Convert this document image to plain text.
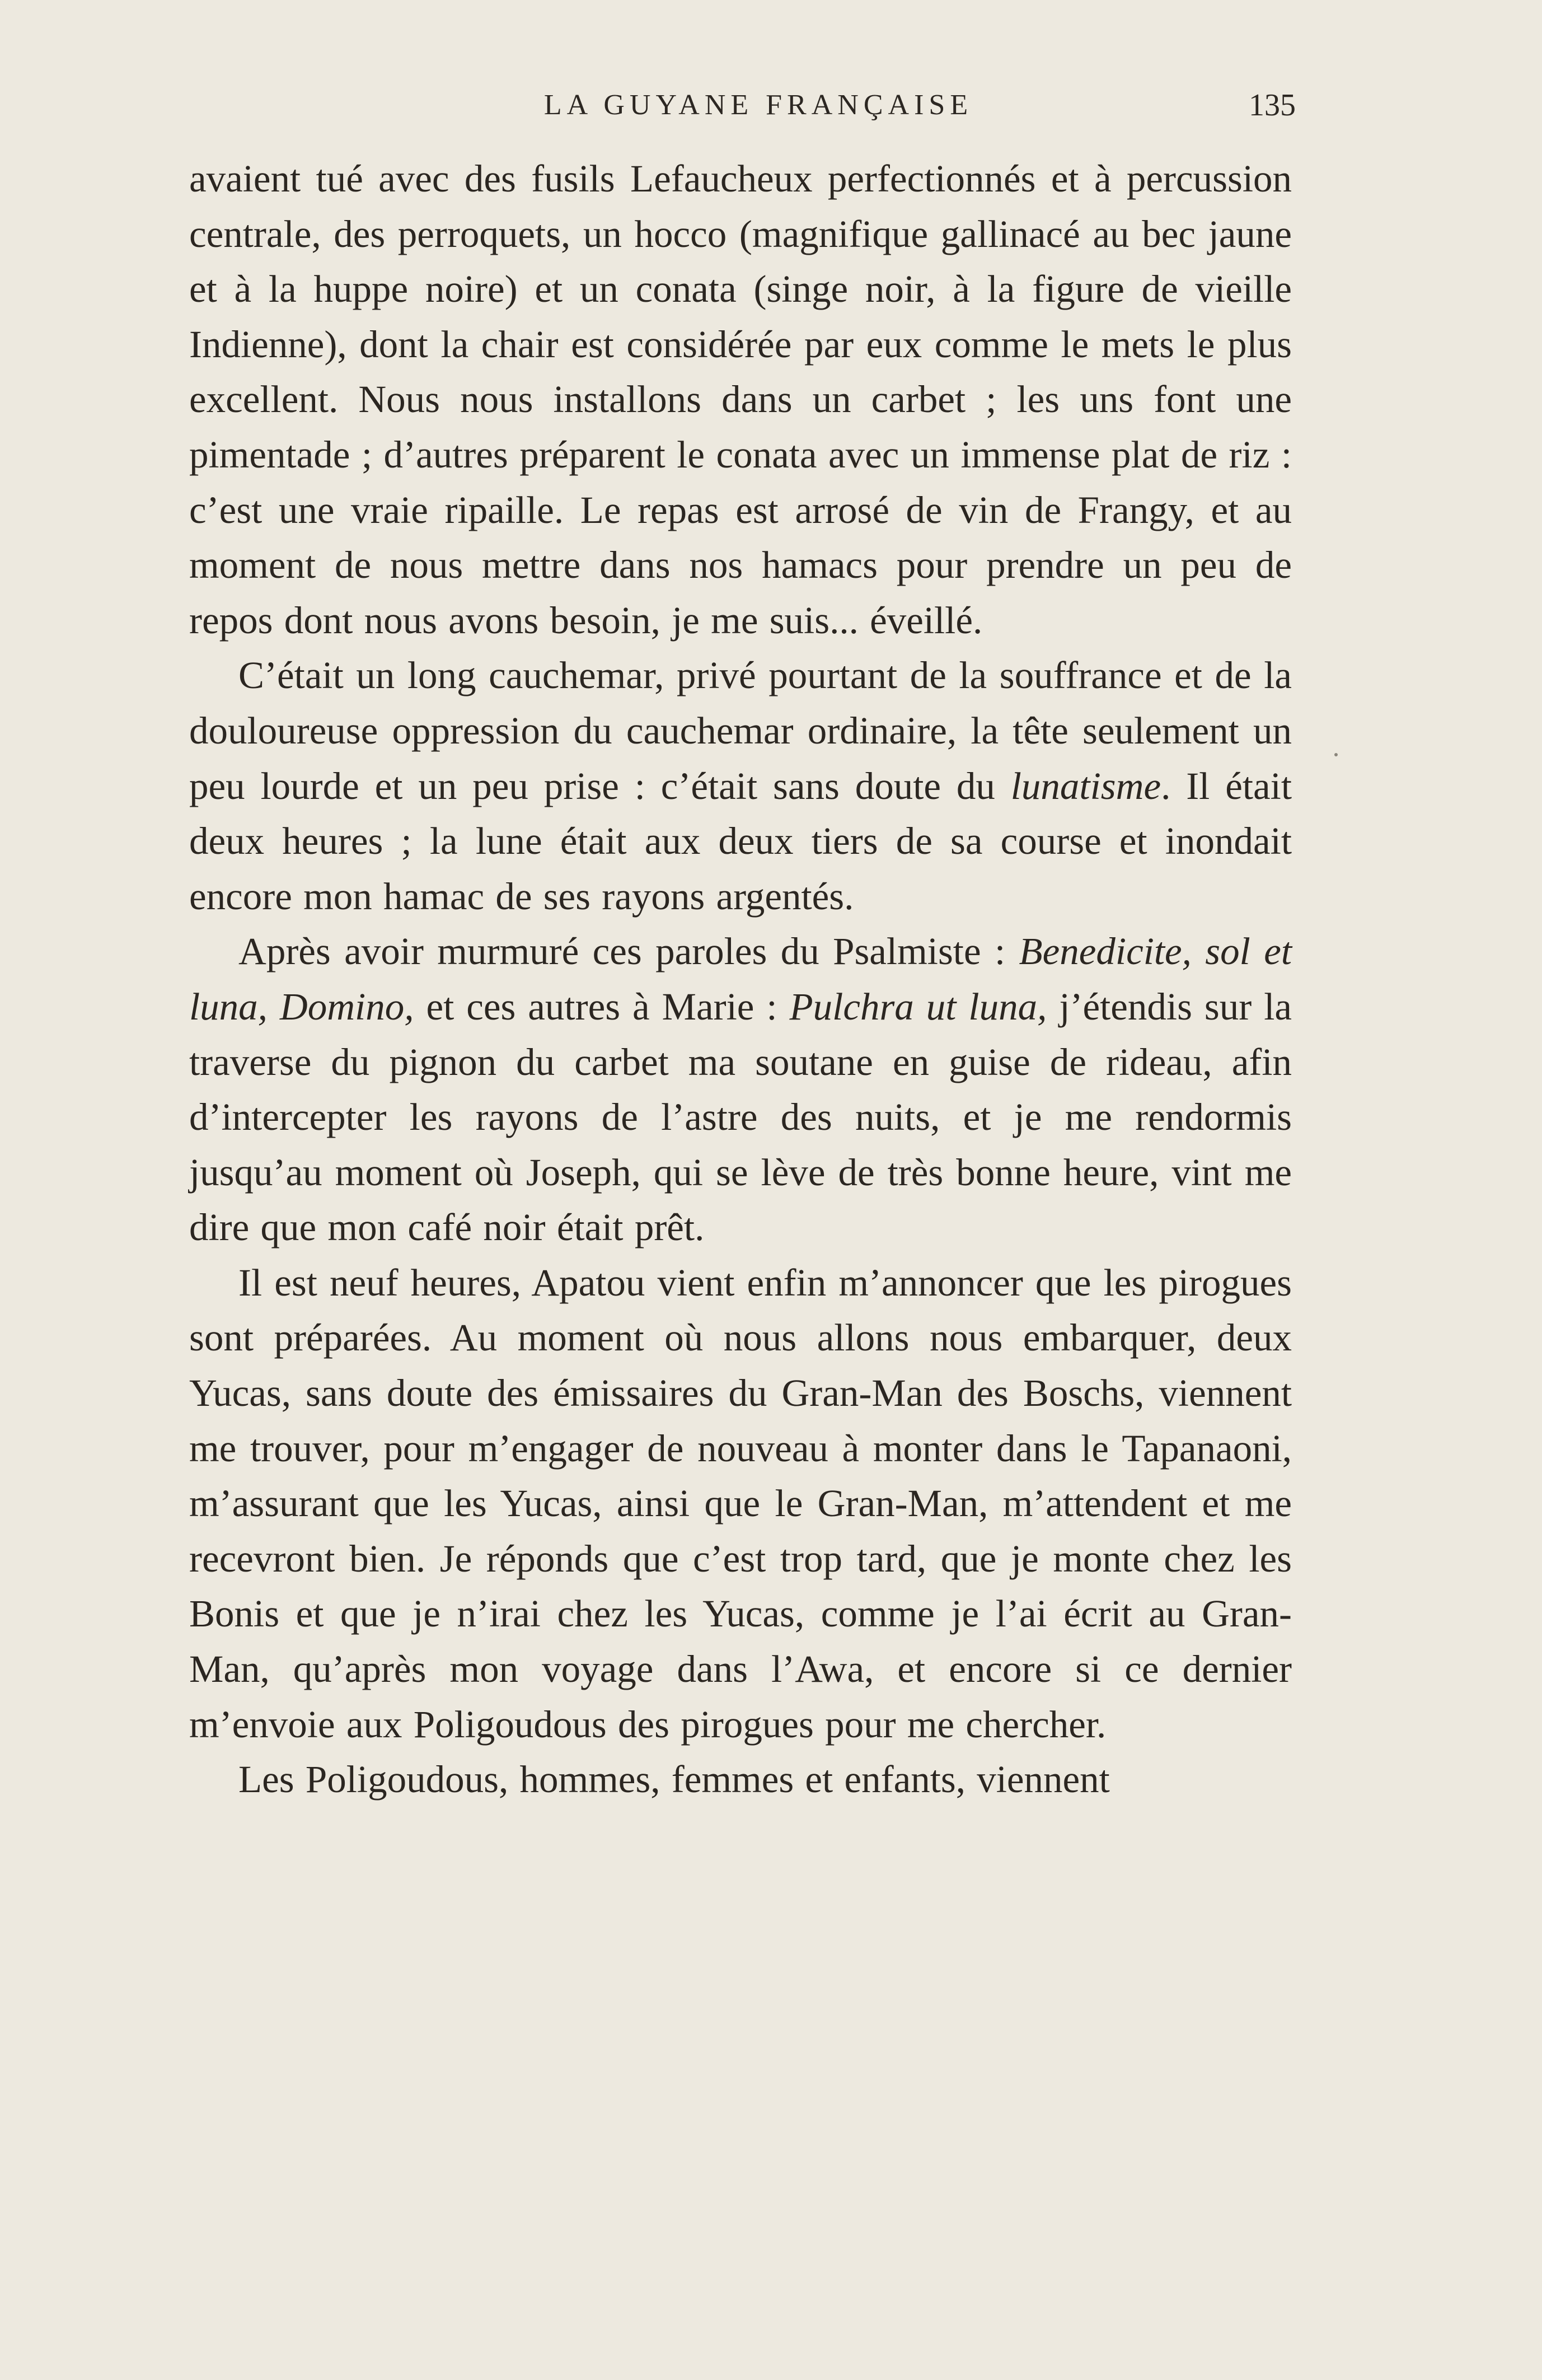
LA GUYANE FRANÇAISE	135

avaient tué avec des fusils Lefaucheux perfectionnés et à percussion centrale, des perroquets, un hocco (magnifique gallinacé au bec jaune et à la huppe noire) et un conata (singe noir, à la figure de vieille Indienne), dont la chair est considérée par eux comme le mets le plus excellent. Nous nous installons dans un carbet ; les uns font une pimentade ; d’autres préparent le conata avec un immense plat de riz : c’est une vraie ripaille. Le repas est arrosé de vin de Frangy, et au moment de nous mettre dans nos hamacs pour prendre un peu de repos dont nous avons besoin, je me suis... éveillé.

C’était un long cauchemar, privé pourtant de la souffrance et de la douloureuse oppression du cauchemar ordinaire, la tête seulement un peu lourde et un peu prise : c’était sans doute du lunatisme. Il était deux heures ; la lune était aux deux tiers de sa course et inondait encore mon hamac de ses rayons argentés.

Après avoir murmuré ces paroles du Psalmiste : Benedicite, sol et luna, Domino, et ces autres à Marie : Pulchra ut luna, j’étendis sur la traverse du pignon du carbet ma soutane en guise de rideau, afin d’intercepter les rayons de l’astre des nuits, et je me rendormis jusqu’au moment où Joseph, qui se lève de très bonne heure, vint me dire que mon café noir était prêt.

Il est neuf heures, Apatou vient enfin m’annoncer que les pirogues sont préparées. Au moment où nous allons nous embarquer, deux Yucas, sans doute des émissaires du Gran-Man des Boschs, viennent me trouver, pour m’engager de nouveau à monter dans le Tapanaoni, m’assurant que les Yucas, ainsi que le Gran-Man, m’attendent et me recevront bien. Je réponds que c’est trop tard, que je monte chez les Bonis et que je n’irai chez les Yucas, comme je l’ai écrit au Gran-Man, qu’après mon voyage dans l’Awa, et encore si ce dernier m’envoie aux Poligoudous des pirogues pour me chercher.

Les Poligoudous, hommes, femmes et enfants, viennent
